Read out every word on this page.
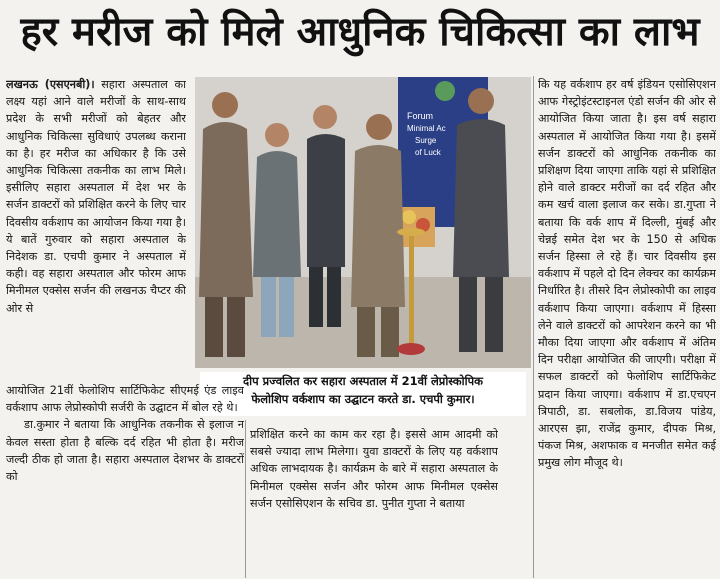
हर मरीज को मिले आधुनिक चिकित्सा का लाभ

लखनऊ (एसएनबी)। सहारा अस्पताल का लक्ष्य यहां आने वाले मरीजों के साथ-साथ प्रदेश के सभी मरीजों को बेहतर और आधुनिक चिकित्सा सुविधाएं उपलब्ध कराना का है। हर मरीज का अधिकार है कि उसे आधुनिक चिकित्सा तकनीक का लाभ मिले। इसीलिए सहारा अस्पताल में देश भर के सर्जन डाक्टरों को प्रशिक्षित करने के लिए चार दिवसीय वर्कशाप का आयोजन किया गया है। ये बातें गुरुवार को सहारा अस्पताल के निदेशक डा. एचपी कुमार ने अस्पताल में कही। वह सहारा अस्पताल और फोरम आफ मिनीमल एक्सेस सर्जन की लखनऊ चैप्टर की ओर से

Forum
Minimal Ac
Surge
of Luck
दीप प्रज्वलित कर सहारा अस्पताल में 21वीं लेप्रोस्कोपिक
फेलोशिप वर्कशाप का उद्घाटन करते डा. एचपी कुमार।

आयोजित 21वीं फेलोशिप सार्टिफिकेट सीएमई एंड लाइव वर्कशाप आफ लेप्रोस्कोपी सर्जरी के उद्घाटन में बोल रहे थे।

डा.कुमार ने बताया कि आधुनिक तकनीक से इलाज न केवल सस्ता होता है बल्कि दर्द रहित भी होता है। मरीज जल्दी ठीक हो जाता है। सहारा अस्पताल देशभर के डाक्टरों को

प्रशिक्षित करने का काम कर रहा है। इससे आम आदमी को सबसे ज्यादा लाभ मिलेगा। युवा डाक्टरों के लिए यह वर्कशाप अधिक लाभदायक है। कार्यक्रम के बारे में सहारा अस्पताल के मिनीमल एक्सेस सर्जन और फोरम आफ मिनीमल एक्सेस सर्जन एसोसिएशन के सचिव डा. पुनीत गुप्ता ने बताया

कि यह वर्कशाप हर वर्ष इंडियन एसोसिएशन आफ गेस्ट्रोइंटस्टाइनल एंडो सर्जन की ओर से आयोजित किया जाता है। इस वर्ष सहारा अस्पताल में आयोजित किया गया है। इसमें सर्जन डाक्टरों को आधुनिक तकनीक का प्रशिक्षण दिया जाएगा ताकि यहां से प्रशिक्षित होने वाले डाक्टर मरीजों का दर्द रहित और कम खर्च वाला इलाज कर सके। डा.गुप्ता ने बताया कि वर्क शाप में दिल्ली, मुंबई और चेन्नई समेत देश भर के 150 से अधिक सर्जन हिस्सा ले रहे हैं। चार दिवसीय इस वर्कशाप में पहले दो दिन लेक्चर का कार्यक्रम निर्धारित है। तीसरे दिन लेप्रोस्कोपी का लाइव वर्कशाप किया जाएगा। वर्कशाप में हिस्सा लेने वाले डाक्टरों को आपरेशन करने का भी मौका दिया जाएगा और वर्कशाप में अंतिम दिन परीक्षा आयोजित की जाएगी। परीक्षा में सफल डाक्टरों को फेलोशिप सार्टिफिकेट प्रदान किया जाएगा। वर्कशाप में डा.एचएन त्रिपाठी, डा. सबलोक, डा.विजय पांडेय, आरएस झा, राजेंद्र कुमार, दीपक मिश्र, पंकज मिश्र, अशफाक व मनजीत समेत कई प्रमुख लोग मौजूद थे।
